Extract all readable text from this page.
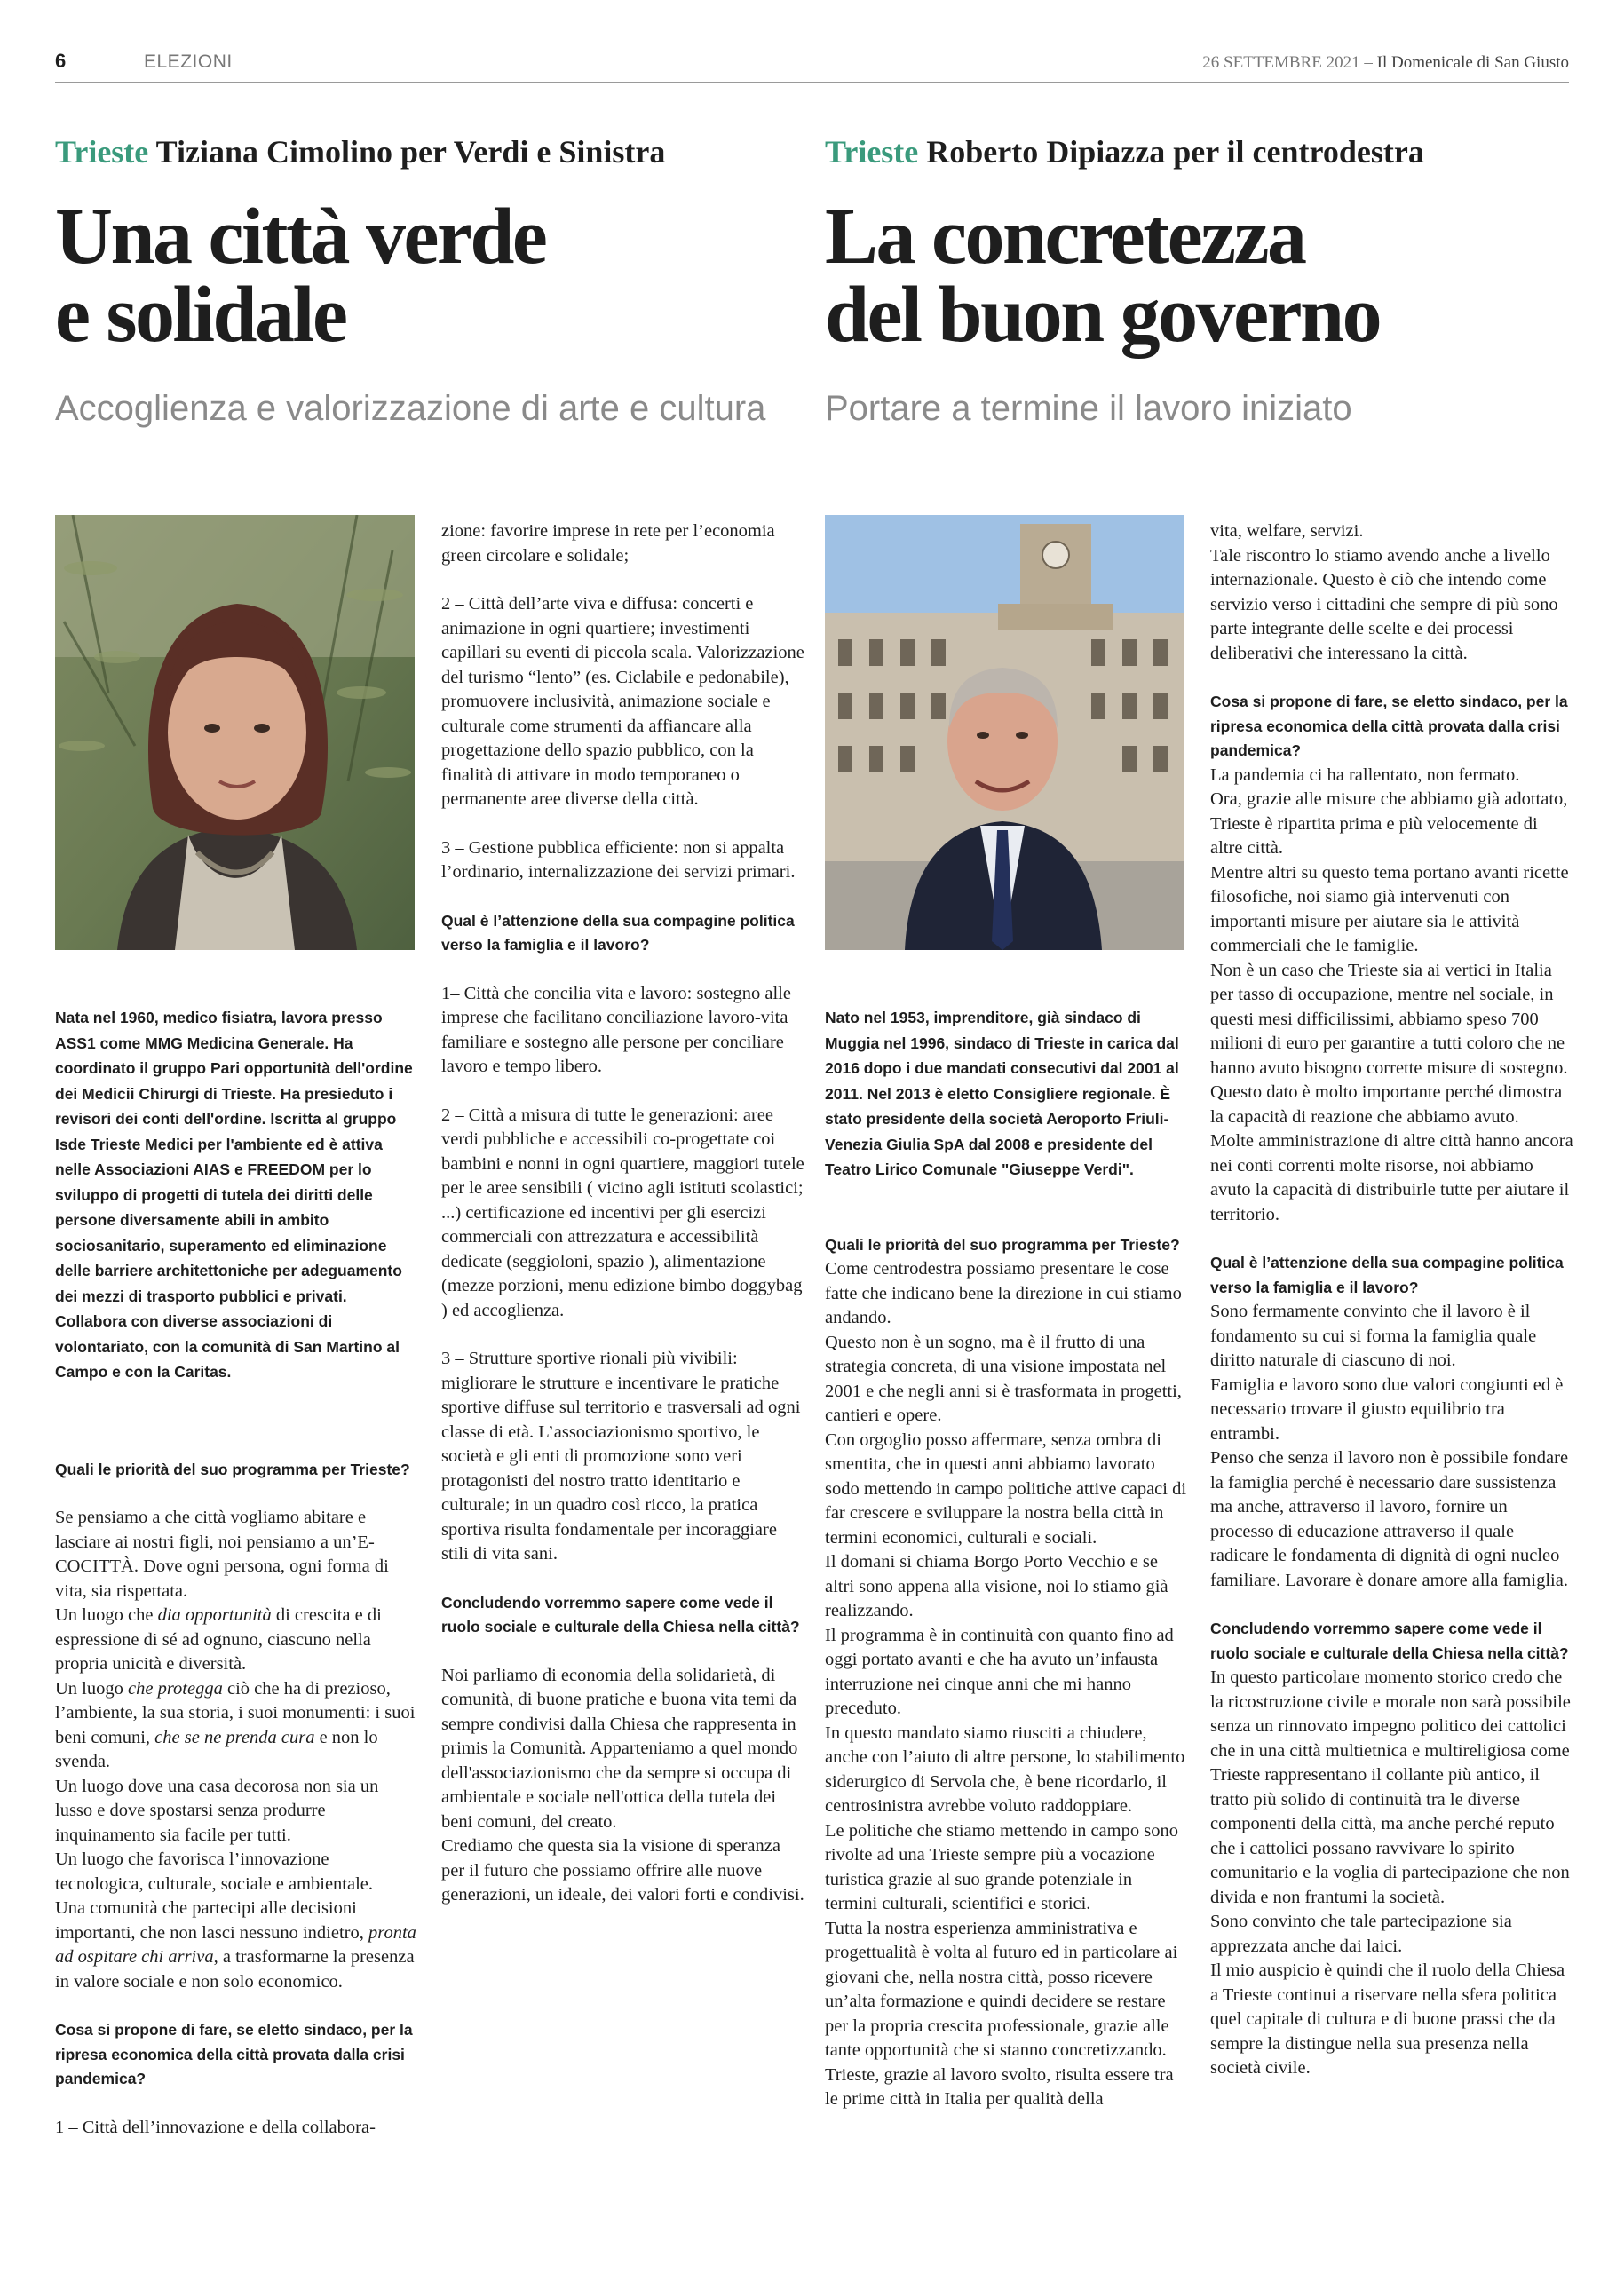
6	ELEZIONI	26 SETTEMBRE 2021 – Il Domenicale di San Giusto

Trieste Tiziana Cimolino per Verdi e Sinistra

Una città verde
e solidale

Accoglienza e valorizzazione di arte e cultura

Trieste Roberto Dipiazza per il centrodestra

La concretezza
del buon governo

Portare a termine il lavoro iniziato

Nata nel 1960, medico fisiatra, lavora presso ASS1 come MMG Medicina Generale. Ha coordinato il gruppo Pari opportunità dell'ordine dei Medicii Chirurgi di Trieste. Ha presieduto i revisori dei conti dell'ordine. Iscritta al gruppo Isde Trieste Medici per l'ambiente ed è attiva nelle Associazioni AIAS e FREEDOM per lo sviluppo di progetti di tutela dei diritti delle persone diversamente abili in ambito sociosanitario, superamento ed eliminazione delle barriere architettoniche per adeguamento dei mezzi di trasporto pubblici e privati. Collabora con diverse associazioni di volontariato, con la comunità di San Martino al Campo e con la Caritas.

Quali le priorità del suo programma per Trieste?

Se pensiamo a che città vogliamo abitare e lasciare ai nostri figli, noi pensiamo a un’E-COCITTÀ. Dove ogni persona, ogni forma di vita, sia rispettata.

Un luogo che dia opportunità di crescita e di espressione di sé ad ognuno, ciascuno nella propria unicità e diversità.

Un luogo che protegga ciò che ha di prezioso, l’ambiente, la sua storia, i suoi monumenti: i suoi beni comuni, che se ne prenda cura e non lo svenda.

Un luogo dove una casa decorosa non sia un lusso e dove spostarsi senza produrre inquinamento sia facile per tutti.

Un luogo che favorisca l’innovazione tecnologica, culturale, sociale e ambientale.

Una comunità che partecipi alle decisioni importanti, che non lasci nessuno indietro, pronta ad ospitare chi arriva, a trasformarne la presenza in valore sociale e non solo economico.

Cosa si propone di fare, se eletto sindaco, per la ripresa economica della città provata dalla crisi pandemica?

1 – Città dell’innovazione e della collabora-

zione: favorire imprese in rete per l’economia green circolare e solidale;

2 – Città dell’arte viva e diffusa: concerti e animazione in ogni quartiere; investimenti capillari su eventi di piccola scala. Valorizzazione del turismo “lento” (es. Ciclabile e pedonabile), promuovere inclusività, animazione sociale e culturale come strumenti da affiancare alla progettazione dello spazio pubblico, con la finalità di attivare in modo temporaneo o permanente aree diverse della città.

3 – Gestione pubblica efficiente: non si appalta l’ordinario, internalizzazione dei servizi primari.

Qual è l’attenzione della sua compagine politica verso la famiglia e il lavoro?

1– Città che concilia vita e lavoro: sostegno alle imprese che facilitano conciliazione lavoro-vita familiare e sostegno alle persone per conciliare lavoro e tempo libero.

2 – Città a misura di tutte le generazioni: aree verdi pubbliche e accessibili co-progettate coi bambini e nonni in ogni quartiere, maggiori tutele per le aree sensibili ( vicino agli istituti scolastici; ...) certificazione ed incentivi per gli esercizi commerciali con attrezzatura e accessibilità dedicate (seggioloni, spazio ), alimentazione (mezze porzioni, menu edizione bimbo doggybag ) ed accoglienza.

3 – Strutture sportive rionali più vivibili: migliorare le strutture e incentivare le pratiche sportive diffuse sul territorio e trasversali ad ogni classe di età. L’associazionismo sportivo, le società e gli enti di promozione sono veri protagonisti del nostro tratto identitario e culturale; in un quadro così ricco, la pratica sportiva risulta fondamentale per incoraggiare stili di vita sani.

Concludendo vorremmo sapere come vede il ruolo sociale e culturale della Chiesa nella città?

Noi parliamo di economia della solidarietà, di comunità, di buone pratiche e buona vita temi da sempre condivisi dalla Chiesa che rappresenta in primis la Comunità. Apparteniamo a quel mondo dell'associazionismo che da sempre si occupa di ambientale e sociale nell'ottica della tutela dei beni comuni, del creato.

Crediamo che questa sia la visione di speranza per il futuro che possiamo offrire alle nuove generazioni, un ideale, dei valori forti e condivisi.

Nato nel 1953, imprenditore, già sindaco di Muggia nel 1996, sindaco di Trieste in carica dal 2016 dopo i due mandati consecutivi dal 2001 al 2011. Nel 2013 è eletto Consigliere regionale. È stato presidente della società Aeroporto Friuli-Venezia Giulia SpA dal 2008 e presidente del Teatro Lirico Comunale "Giuseppe Verdi".

Quali le priorità del suo programma per Trieste?

Come centrodestra possiamo presentare le cose fatte che indicano bene la direzione in cui stiamo andando.

Questo non è un sogno, ma è il frutto di una strategia concreta, di una visione impostata nel 2001 e che negli anni si è trasformata in progetti, cantieri e opere.

Con orgoglio posso affermare, senza ombra di smentita, che in questi anni abbiamo lavorato sodo mettendo in campo politiche attive capaci di far crescere e sviluppare la nostra bella città in termini economici, culturali e sociali.

Il domani si chiama Borgo Porto Vecchio e se altri sono appena alla visione, noi lo stiamo già realizzando.

Il programma è in continuità con quanto fino ad oggi portato avanti e che ha avuto un’infausta interruzione nei cinque anni che mi hanno preceduto.

In questo mandato siamo riusciti a chiudere, anche con l’aiuto di altre persone, lo stabilimento siderurgico di Servola che, è bene ricordarlo, il centrosinistra avrebbe voluto raddoppiare.

Le politiche che stiamo mettendo in campo sono rivolte ad una Trieste sempre più a vocazione turistica grazie al suo grande potenziale in termini culturali, scientifici e storici.

Tutta la nostra esperienza amministrativa e progettualità è volta al futuro ed in particolare ai giovani che, nella nostra città, posso ricevere un’alta formazione e quindi decidere se restare per la propria crescita professionale, grazie alle tante opportunità che si stanno concretizzando.

Trieste, grazie al lavoro svolto, risulta essere tra le prime città in Italia per qualità della

vita, welfare, servizi.

Tale riscontro lo stiamo avendo anche a livello internazionale. Questo è ciò che intendo come servizio verso i cittadini che sempre di più sono parte integrante delle scelte e dei processi deliberativi che interessano la città.

Cosa si propone di fare, se eletto sindaco, per la ripresa economica della città provata dalla crisi pandemica?

La pandemia ci ha rallentato, non fermato.

Ora, grazie alle misure che abbiamo già adottato, Trieste è ripartita prima e più velocemente di altre città.

Mentre altri su questo tema portano avanti ricette filosofiche, noi siamo già intervenuti con importanti misure per aiutare sia le attività commerciali che le famiglie.

Non è un caso che Trieste sia ai vertici in Italia per tasso di occupazione, mentre nel sociale, in questi mesi difficilissimi, abbiamo speso 700 milioni di euro per garantire a tutti coloro che ne hanno avuto bisogno corrette misure di sostegno.

Questo dato è molto importante perché dimostra la capacità di reazione che abbiamo avuto.

Molte amministrazione di altre città hanno ancora nei conti correnti molte risorse, noi abbiamo avuto la capacità di distribuirle tutte per aiutare il territorio.

Qual è l’attenzione della sua compagine politica verso la famiglia e il lavoro?

Sono fermamente convinto che il lavoro è il fondamento su cui si forma la famiglia quale diritto naturale di ciascuno di noi.

Famiglia e lavoro sono due valori congiunti ed è necessario trovare il giusto equilibrio tra entrambi.

Penso che senza il lavoro non è possibile fondare la famiglia perché è necessario dare sussistenza ma anche, attraverso il lavoro, fornire un processo di educazione attraverso il quale radicare le fondamenta di dignità di ogni nucleo familiare. Lavorare è donare amore alla famiglia.

Concludendo vorremmo sapere come vede il ruolo sociale e culturale della Chiesa nella città?

In questo particolare momento storico credo che la ricostruzione civile e morale non sarà possibile senza un rinnovato impegno politico dei cattolici che in una città multietnica e multireligiosa come Trieste rappresentano il collante più antico, il tratto più solido di continuità tra le diverse componenti della città, ma anche perché reputo che i cattolici possano ravvivare lo spirito comunitario e la voglia di partecipazione che non divida e non frantumi la società.

Sono convinto che tale partecipazione sia apprezzata anche dai laici.

Il mio auspicio è quindi che il ruolo della Chiesa a Trieste continui a riservare nella sfera politica quel capitale di cultura e di buone prassi che da sempre la distingue nella sua presenza nella società civile.
